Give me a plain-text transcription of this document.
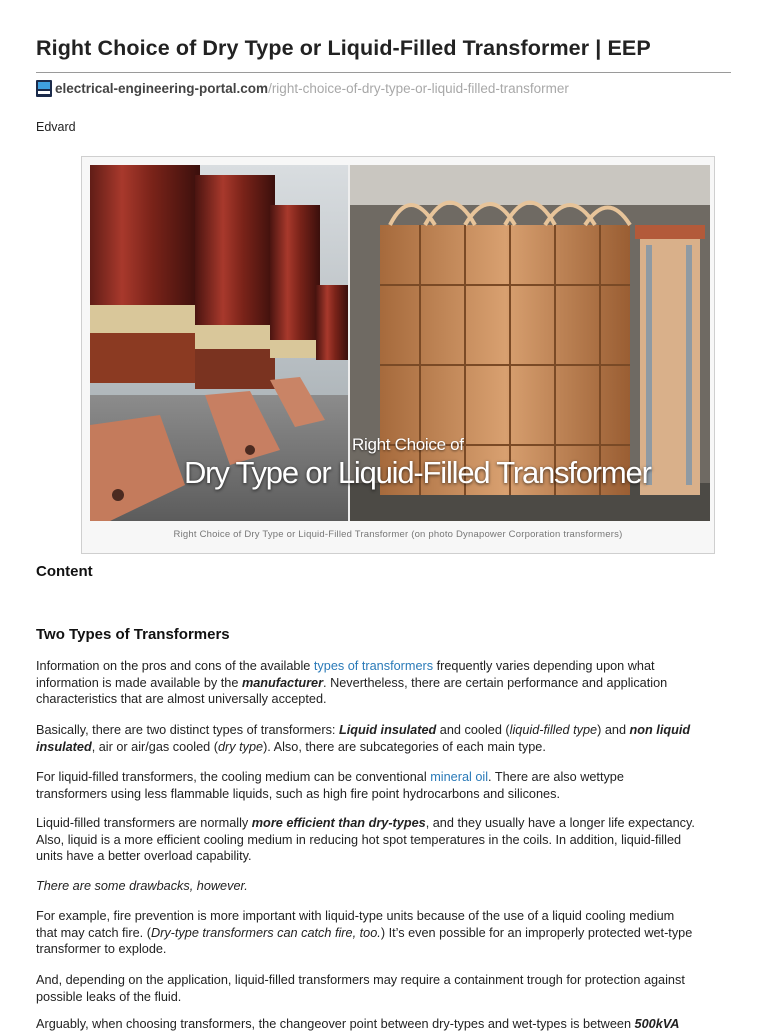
Right Choice of Dry Type or Liquid-Filled Transformer | EEP
electrical-engineering-portal.com /right-choice-of-dry-type-or-liquid-filled-transformer
Edvard
Right Choice of
Dry Type or Liquid-Filled Transformer
Right Choice of Dry Type or Liquid-Filled Transformer (on photo Dynapower Corporation transformers)
Content
Two Types of Transformers
Information on the pros and cons of the available types of transformers frequently varies depending upon what
information is made available by the manufacturer. Nevertheless, there are certain performance and application
characteristics that are almost universally accepted.
Basically, there are two distinct types of transformers: Liquid insulated and cooled (liquid-filled type) and non liquid
insulated, air or air/gas cooled (dry type). Also, there are subcategories of each main type.
For liquid-filled transformers, the cooling medium can be conventional mineral oil. There are also wettype
transformers using less flammable liquids, such as high fire point hydrocarbons and silicones.
Liquid-filled transformers are normally more efficient than dry-types, and they usually have a longer life expectancy.
Also, liquid is a more efficient cooling medium in reducing hot spot temperatures in the coils. In addition, liquid-filled
units have a better overload capability.
There are some drawbacks, however.
For example, fire prevention is more important with liquid-type units because of the use of a liquid cooling medium
that may catch fire. (Dry-type transformers can catch fire, too.) It’s even possible for an improperly protected wet-type
transformer to explode.
And, depending on the application, liquid-filled transformers may require a containment trough for protection against
possible leaks of the fluid.
Arguably, when choosing transformers, the changeover point between dry-types and wet-types is between 500kVA
